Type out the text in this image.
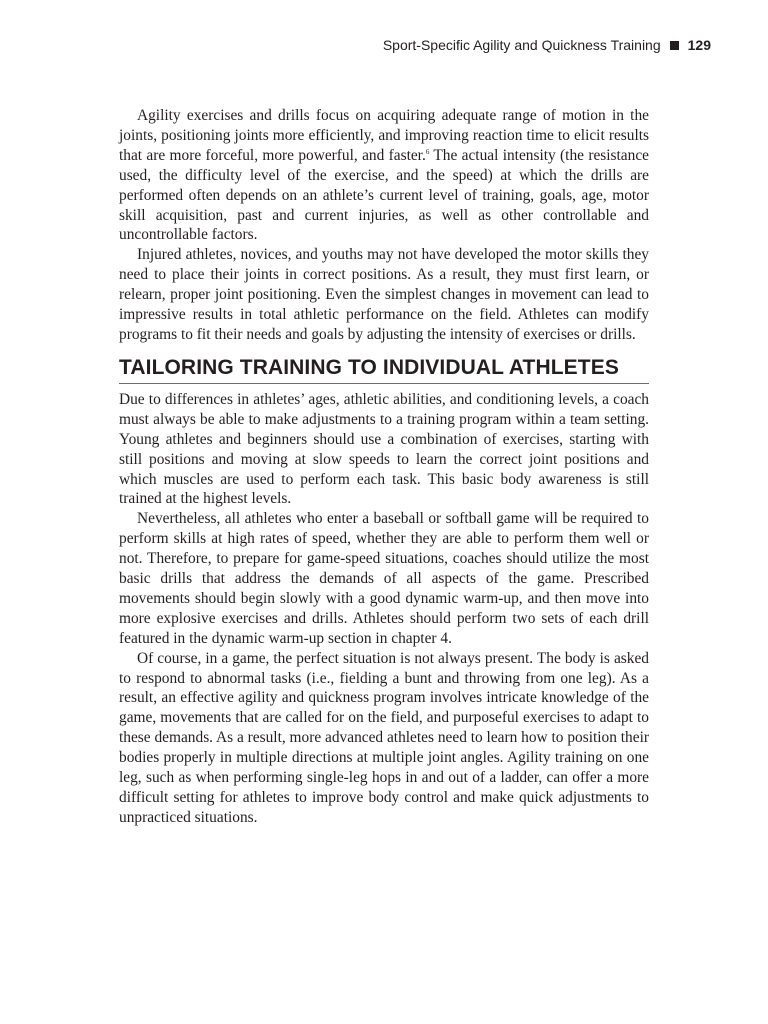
Sport-Specific Agility and Quickness Training 129

Agility exercises and drills focus on acquiring adequate range of motion in the joints, positioning joints more efficiently, and improving reaction time to elicit results that are more forceful, more powerful, and faster.$^6$ The actual intensity (the resistance used, the difficulty level of the exercise, and the speed) at which the drills are performed often depends on an athlete’s current level of training, goals, age, motor skill acquisition, past and current injuries, as well as other controllable and uncontrollable factors.

Injured athletes, novices, and youths may not have developed the motor skills they need to place their joints in correct positions. As a result, they must first learn, or relearn, proper joint positioning. Even the simplest changes in movement can lead to impressive results in total athletic performance on the field. Athletes can modify programs to fit their needs and goals by adjusting the intensity of exercises or drills.

TAILORING TRAINING TO INDIVIDUAL ATHLETES

Due to differences in athletes’ ages, athletic abilities, and conditioning levels, a coach must always be able to make adjustments to a training program within a team setting. Young athletes and beginners should use a combination of exercises, starting with still positions and moving at slow speeds to learn the correct joint positions and which muscles are used to perform each task. This basic body awareness is still trained at the highest levels.

Nevertheless, all athletes who enter a baseball or softball game will be required to perform skills at high rates of speed, whether they are able to perform them well or not. Therefore, to prepare for game-speed situations, coaches should utilize the most basic drills that address the demands of all aspects of the game. Prescribed movements should begin slowly with a good dynamic warm-up, and then move into more explosive exercises and drills. Athletes should perform two sets of each drill featured in the dynamic warm-up section in chapter 4.

Of course, in a game, the perfect situation is not always present. The body is asked to respond to abnormal tasks (i.e., fielding a bunt and throwing from one leg). As a result, an effective agility and quickness program involves intricate knowledge of the game, movements that are called for on the field, and purposeful exercises to adapt to these demands. As a result, more advanced athletes need to learn how to position their bodies properly in multiple directions at multiple joint angles. Agility training on one leg, such as when performing single-leg hops in and out of a ladder, can offer a more difficult setting for athletes to improve body control and make quick adjustments to unpracticed situations.
